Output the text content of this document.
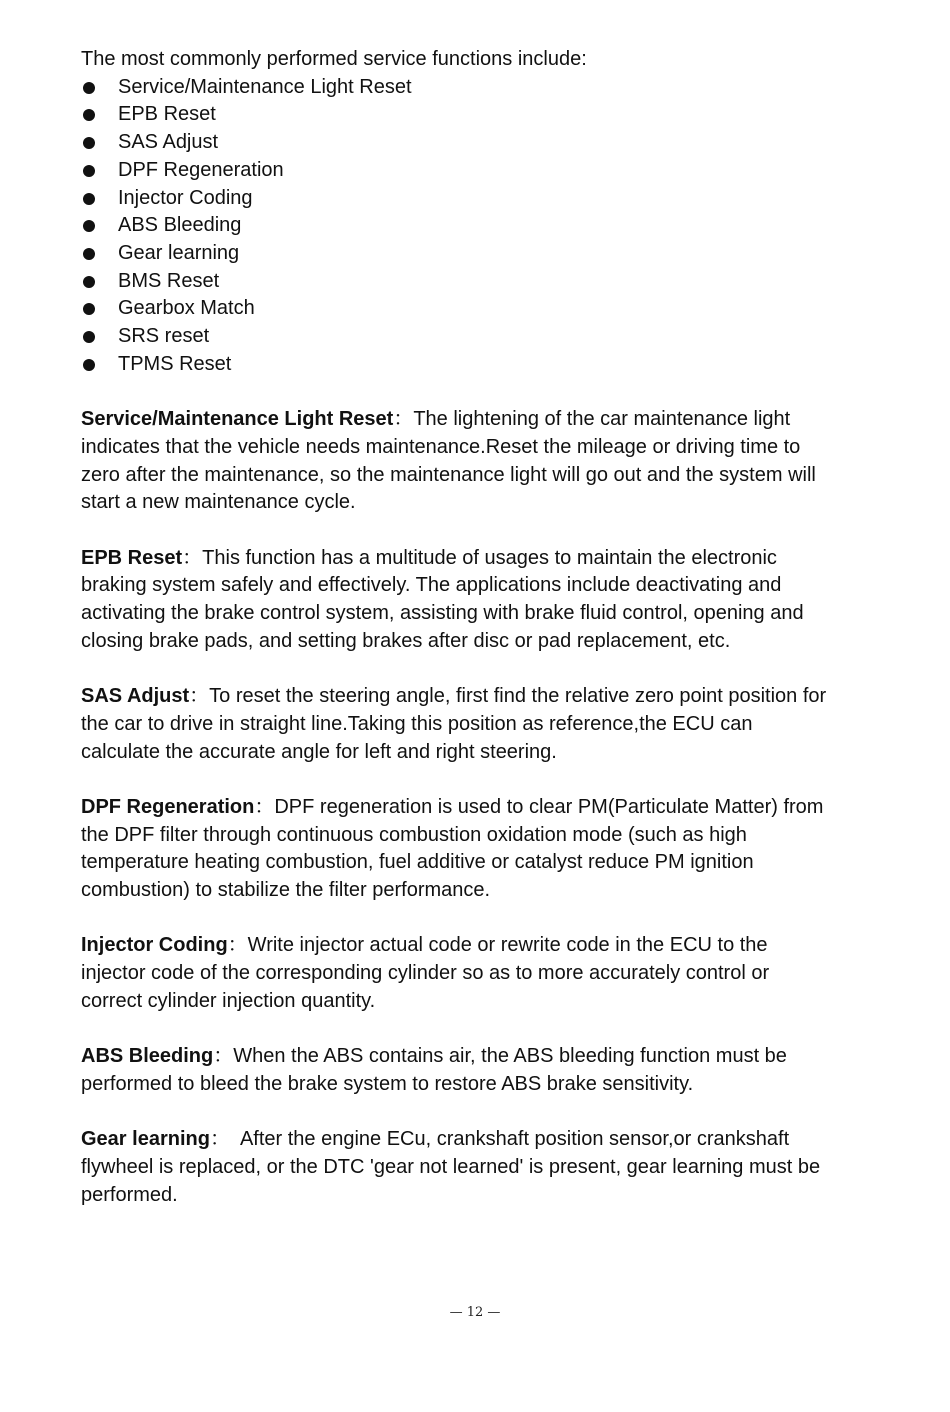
The most commonly performed service functions include:

Service/Maintenance Light Reset
EPB Reset
SAS Adjust
DPF Regeneration
Injector Coding
ABS Bleeding
Gear learning
BMS Reset
Gearbox Match
SRS reset
TPMS Reset

Service/Maintenance Light Reset：The lightening of the car maintenance light indicates that the vehicle needs maintenance.Reset the mileage or driving time to zero after the maintenance, so the maintenance light will go out and the system will start a new maintenance cycle.

EPB Reset：This function has a multitude of usages to maintain the electronic braking system safely and effectively. The applications include deactivating and activating the brake control system, assisting with brake fluid control, opening and closing brake pads, and setting brakes after disc or pad replacement, etc.

SAS Adjust：To reset the steering angle, first find the relative zero point position for the car to drive in straight line.Taking this position as reference,the ECU can calculate the accurate angle for left and right steering.

DPF Regeneration：DPF regeneration is used to clear PM(Particulate Matter) from the DPF filter through continuous combustion oxidation mode (such as high temperature heating combustion, fuel additive or catalyst reduce PM ignition combustion) to stabilize the filter performance.

Injector Coding：Write injector actual code or rewrite code in the ECU to the injector code of the corresponding cylinder so as to more accurately control or correct cylinder injection quantity.

ABS Bleeding：When the ABS contains air, the ABS bleeding function must be performed to bleed the brake system to restore ABS brake sensitivity.

Gear learning：  After the engine ECu, crankshaft position sensor,or crankshaft flywheel is replaced, or the DTC 'gear not learned' is present, gear learning must be performed.

— 12 —
